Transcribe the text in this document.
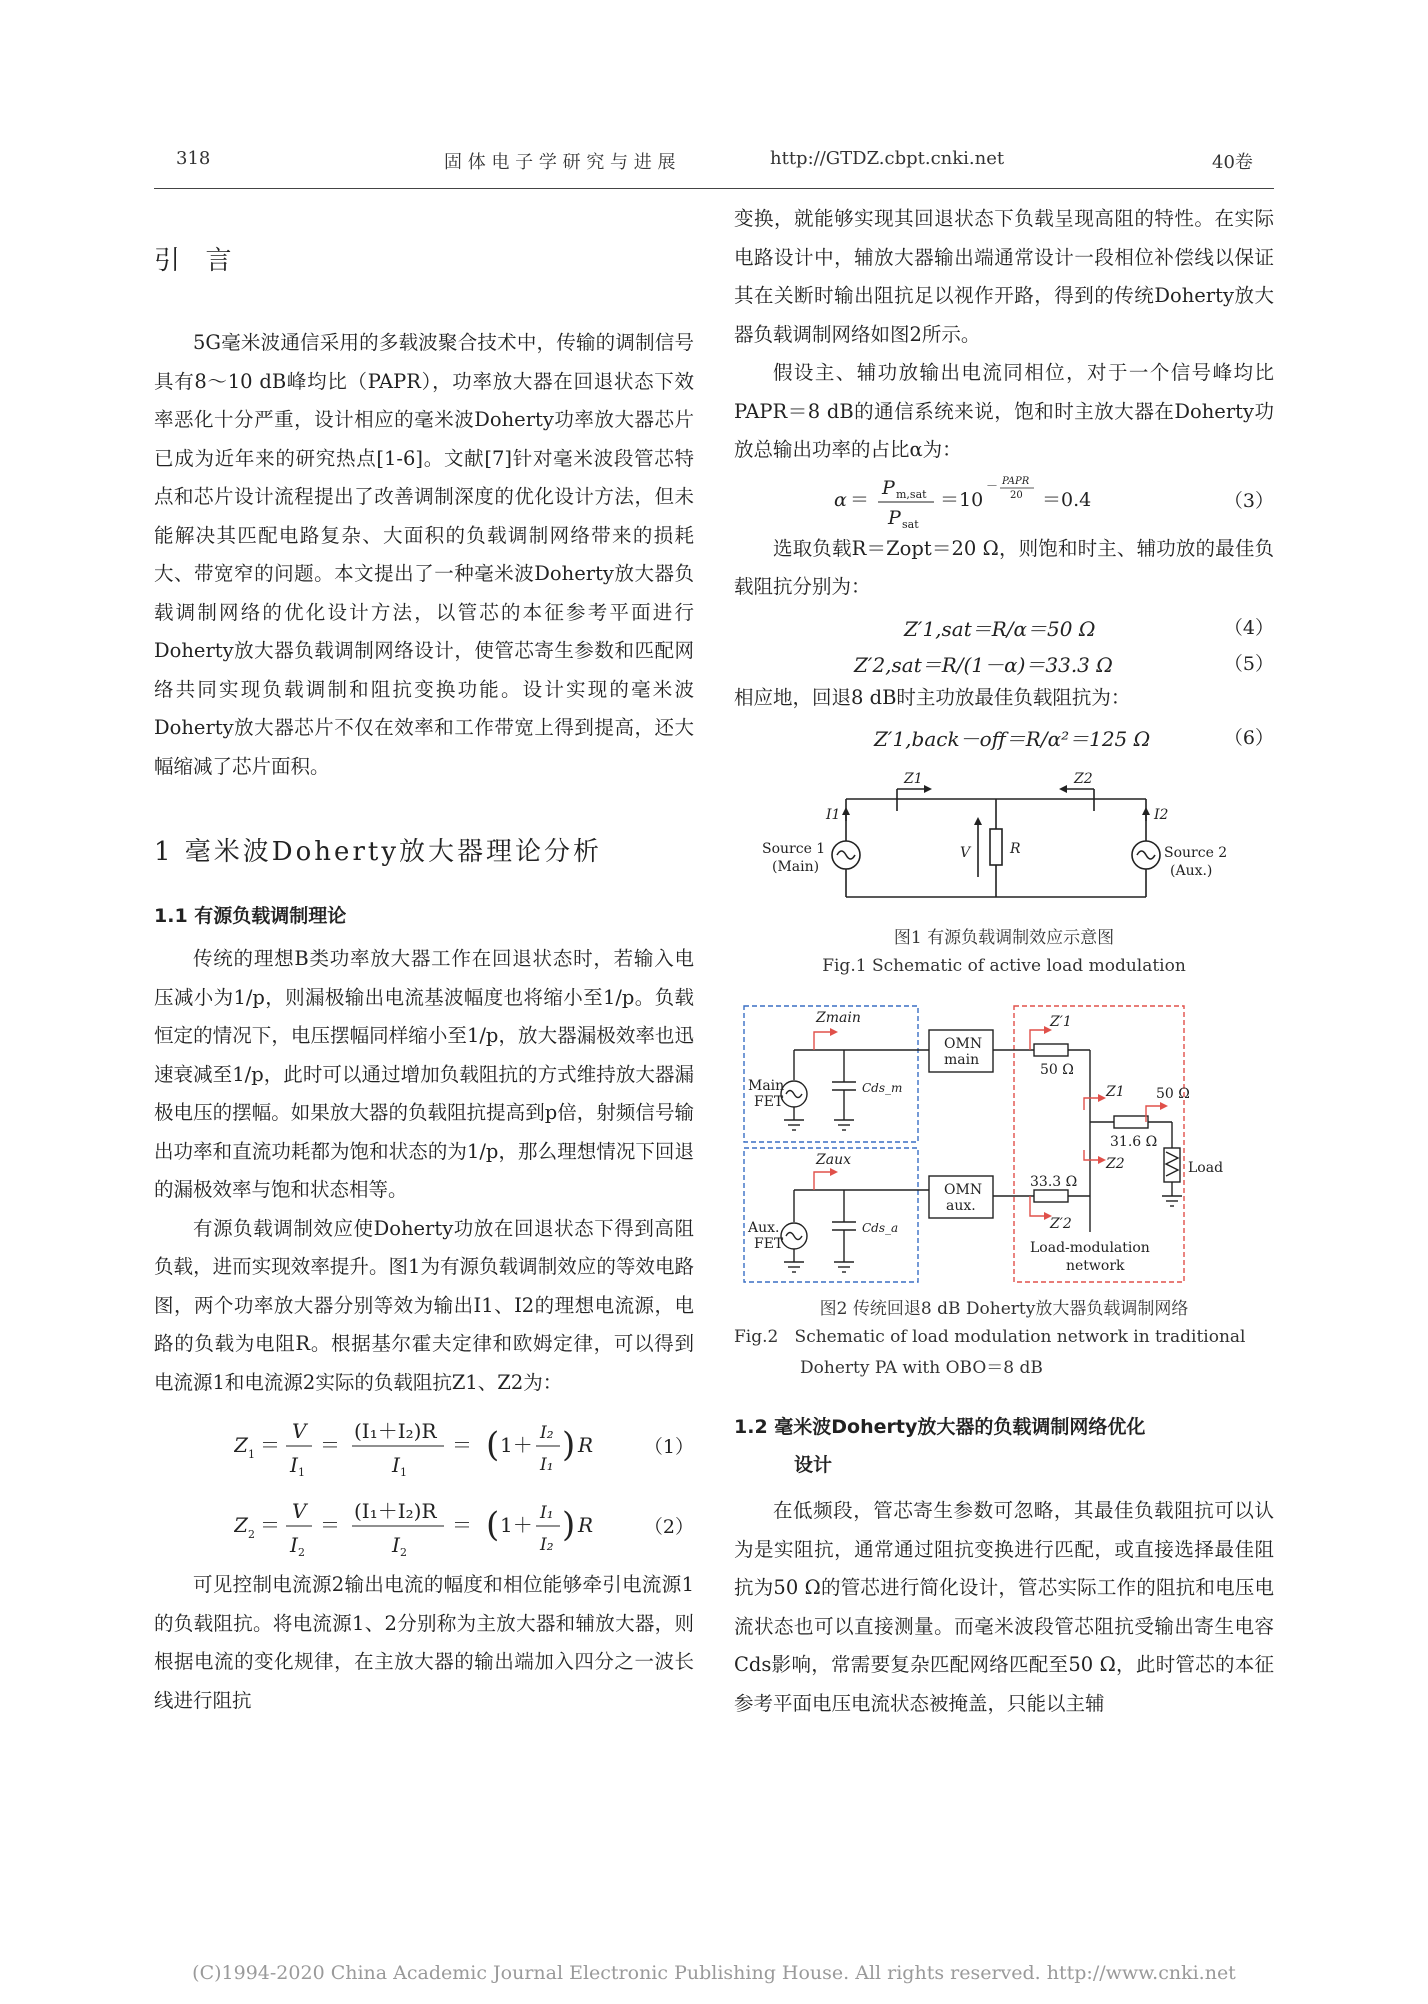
318	固 体 电 子 学 研 究 与 进 展	http://GTDZ.cbpt.cnki.net	40卷
引  言

5G毫米波通信采用的多载波聚合技术中，传输的调制信号具有8～10 dB峰均比（PAPR），功率放大器在回退状态下效率恶化十分严重，设计相应的毫米波Doherty功率放大器芯片已成为近年来的研究热点[1-6]。文献[7]针对毫米波段管芯特点和芯片设计流程提出了改善调制深度的优化设计方法，但未能解决其匹配电路复杂、大面积的负载调制网络带来的损耗大、带宽窄的问题。本文提出了一种毫米波Doherty放大器负载调制网络的优化设计方法，以管芯的本征参考平面进行Doherty放大器负载调制网络设计，使管芯寄生参数和匹配网络共同实现负载调制和阻抗变换功能。设计实现的毫米波Doherty放大器芯片不仅在效率和工作带宽上得到提高，还大幅缩减了芯片面积。

1 毫米波Doherty放大器理论分析
1.1 有源负载调制理论

传统的理想B类功率放大器工作在回退状态时，若输入电压减小为1/p，则漏极输出电流基波幅度也将缩小至1/p。负载恒定的情况下，电压摆幅同样缩小至1/p，放大器漏极效率也迅速衰减至1/p，此时可以通过增加负载阻抗的方式维持放大器漏极电压的摆幅。如果放大器的负载阻抗提高到p倍，射频信号输出功率和直流功耗都为饱和状态的为1/p，那么理想情况下回退的漏极效率与饱和状态相等。

有源负载调制效应使Doherty功放在回退状态下得到高阻负载，进而实现效率提升。图1为有源负载调制效应的等效电路图，两个功率放大器分别等效为输出I1、I2的理想电流源，电路的负载为电阻R。根据基尔霍夫定律和欧姆定律，可以得到电流源1和电流源2实际的负载阻抗Z1、Z2为：

Z 1 ＝
V
I 1
＝
(I₁＋I₂)R
I 1
＝ ( 1＋ I₂
I₁ ) R	（1）
Z 2 ＝
V
I 2
＝
(I₁＋I₂)R
I 2
＝ ( 1＋ I₁
I₂ ) R	（2）

可见控制电流源2输出电流的幅度和相位能够牵引电流源1的负载阻抗。将电流源1、2分别称为主放大器和辅放大器，则根据电流的变化规律，在主放大器的输出端加入四分之一波长线进行阻抗

变换，就能够实现其回退状态下负载呈现高阻的特性。在实际电路设计中，辅放大器输出端通常设计一段相位补偿线以保证其在关断时输出阻抗足以视作开路，得到的传统Doherty放大器负载调制网络如图2所示。

假设主、辅功放输出电流同相位，对于一个信号峰均比PAPR＝8 dB的通信系统来说，饱和时主放大器在Doherty功放总输出功率的占比α为：

α ＝
P m,sat
P sat
＝10
－ PAPR
20 ＝0.4	（3）

选取负载R＝Zopt＝20 Ω，则饱和时主、辅功放的最佳负载阻抗分别为：

Z′1,sat＝R/α＝50 Ω	（4）
Z′2,sat＝R/(1－α)＝33.3 Ω	（5）

相应地，回退8 dB时主功放最佳负载阻抗为：

Z′1,back－off＝R/α²＝125 Ω	（6）
Z1	Z2
I1	I2
V	R
Source 1
(Main)
Source 2
(Aux.)
图1 有源负载调制效应示意图
Fig.1 Schematic of active load modulation
Zmain
Zaux
Main
FET
Aux.
FET
Cds_m
Cds_a
OMN
main
OMN
aux.
Z′1
Z1
Z′2
Z2
50 Ω
33.3 Ω
31.6 Ω
50 Ω
Load
Load-modulation
network
图2 传统回退8 dB Doherty放大器负载调制网络
Fig.2   Schematic of load modulation network in traditional
Doherty PA with OBO＝8 dB
1.2 毫米波Doherty放大器的负载调制网络优化
设计

在低频段，管芯寄生参数可忽略，其最佳负载阻抗可以认为是实阻抗，通常通过阻抗变换进行匹配，或直接选择最佳阻抗为50 Ω的管芯进行简化设计，管芯实际工作的阻抗和电压电流状态也可以直接测量。而毫米波段管芯阻抗受输出寄生电容Cds影响，常需要复杂匹配网络匹配至50 Ω，此时管芯的本征参考平面电压电流状态被掩盖，只能以主辅

(C)1994-2020 China Academic Journal Electronic Publishing House. All rights reserved. http://www.cnki.net
